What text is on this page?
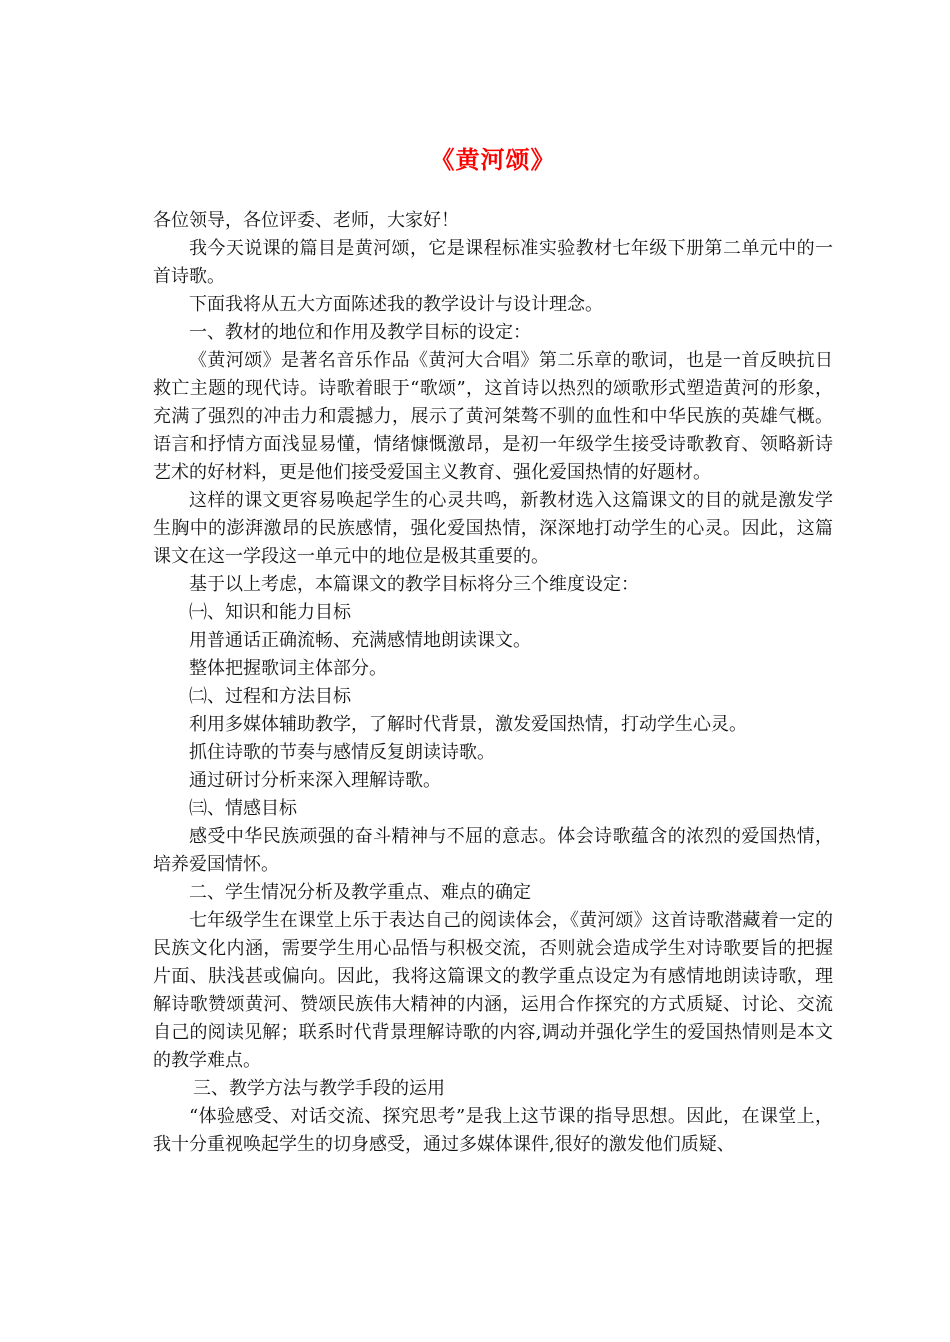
《黄河颂》

各位领导，各位评委、老师，大家好！

我今天说课的篇目是黄河颂，它是课程标准实验教材七年级下册第二单元中的一首诗歌。

下面我将从五大方面陈述我的教学设计与设计理念。

一、教材的地位和作用及教学目标的设定：

《黄河颂》是著名音乐作品《黄河大合唱》第二乐章的歌词，也是一首反映抗日救亡主题的现代诗。诗歌着眼于“歌颂”，这首诗以热烈的颂歌形式塑造黄河的形象，充满了强烈的冲击力和震撼力，展示了黄河桀骜不驯的血性和中华民族的英雄气概。语言和抒情方面浅显易懂，情绪慷慨激昂，是初一年级学生接受诗歌教育、领略新诗艺术的好材料，更是他们接受爱国主义教育、强化爱国热情的好题材。

这样的课文更容易唤起学生的心灵共鸣，新教材选入这篇课文的目的就是激发学生胸中的澎湃激昂的民族感情，强化爱国热情，深深地打动学生的心灵。因此，这篇课文在这一学段这一单元中的地位是极其重要的。

基于以上考虑，本篇课文的教学目标将分三个维度设定：

㈠、知识和能力目标

用普通话正确流畅、充满感情地朗读课文。

整体把握歌词主体部分。

㈡、过程和方法目标

利用多媒体辅助教学，了解时代背景，激发爱国热情，打动学生心灵。

抓住诗歌的节奏与感情反复朗读诗歌。

通过研讨分析来深入理解诗歌。

㈢、情感目标

感受中华民族顽强的奋斗精神与不屈的意志。体会诗歌蕴含的浓烈的爱国热情，培养爱国情怀。

二、学生情况分析及教学重点、难点的确定

七年级学生在课堂上乐于表达自己的阅读体会，《黄河颂》这首诗歌潜藏着一定的民族文化内涵，需要学生用心品悟与积极交流，否则就会造成学生对诗歌要旨的把握片面、肤浅甚或偏向。因此，我将这篇课文的教学重点设定为有感情地朗读诗歌，理解诗歌赞颂黄河、赞颂民族伟大精神的内涵，运用合作探究的方式质疑、讨论、交流自己的阅读见解；联系时代背景理解诗歌的内容,调动并强化学生的爱国热情则是本文的教学难点。

三、教学方法与教学手段的运用

“体验感受、对话交流、探究思考”是我上这节课的指导思想。因此，在课堂上，我十分重视唤起学生的切身感受，通过多媒体课件,很好的激发他们质疑、
